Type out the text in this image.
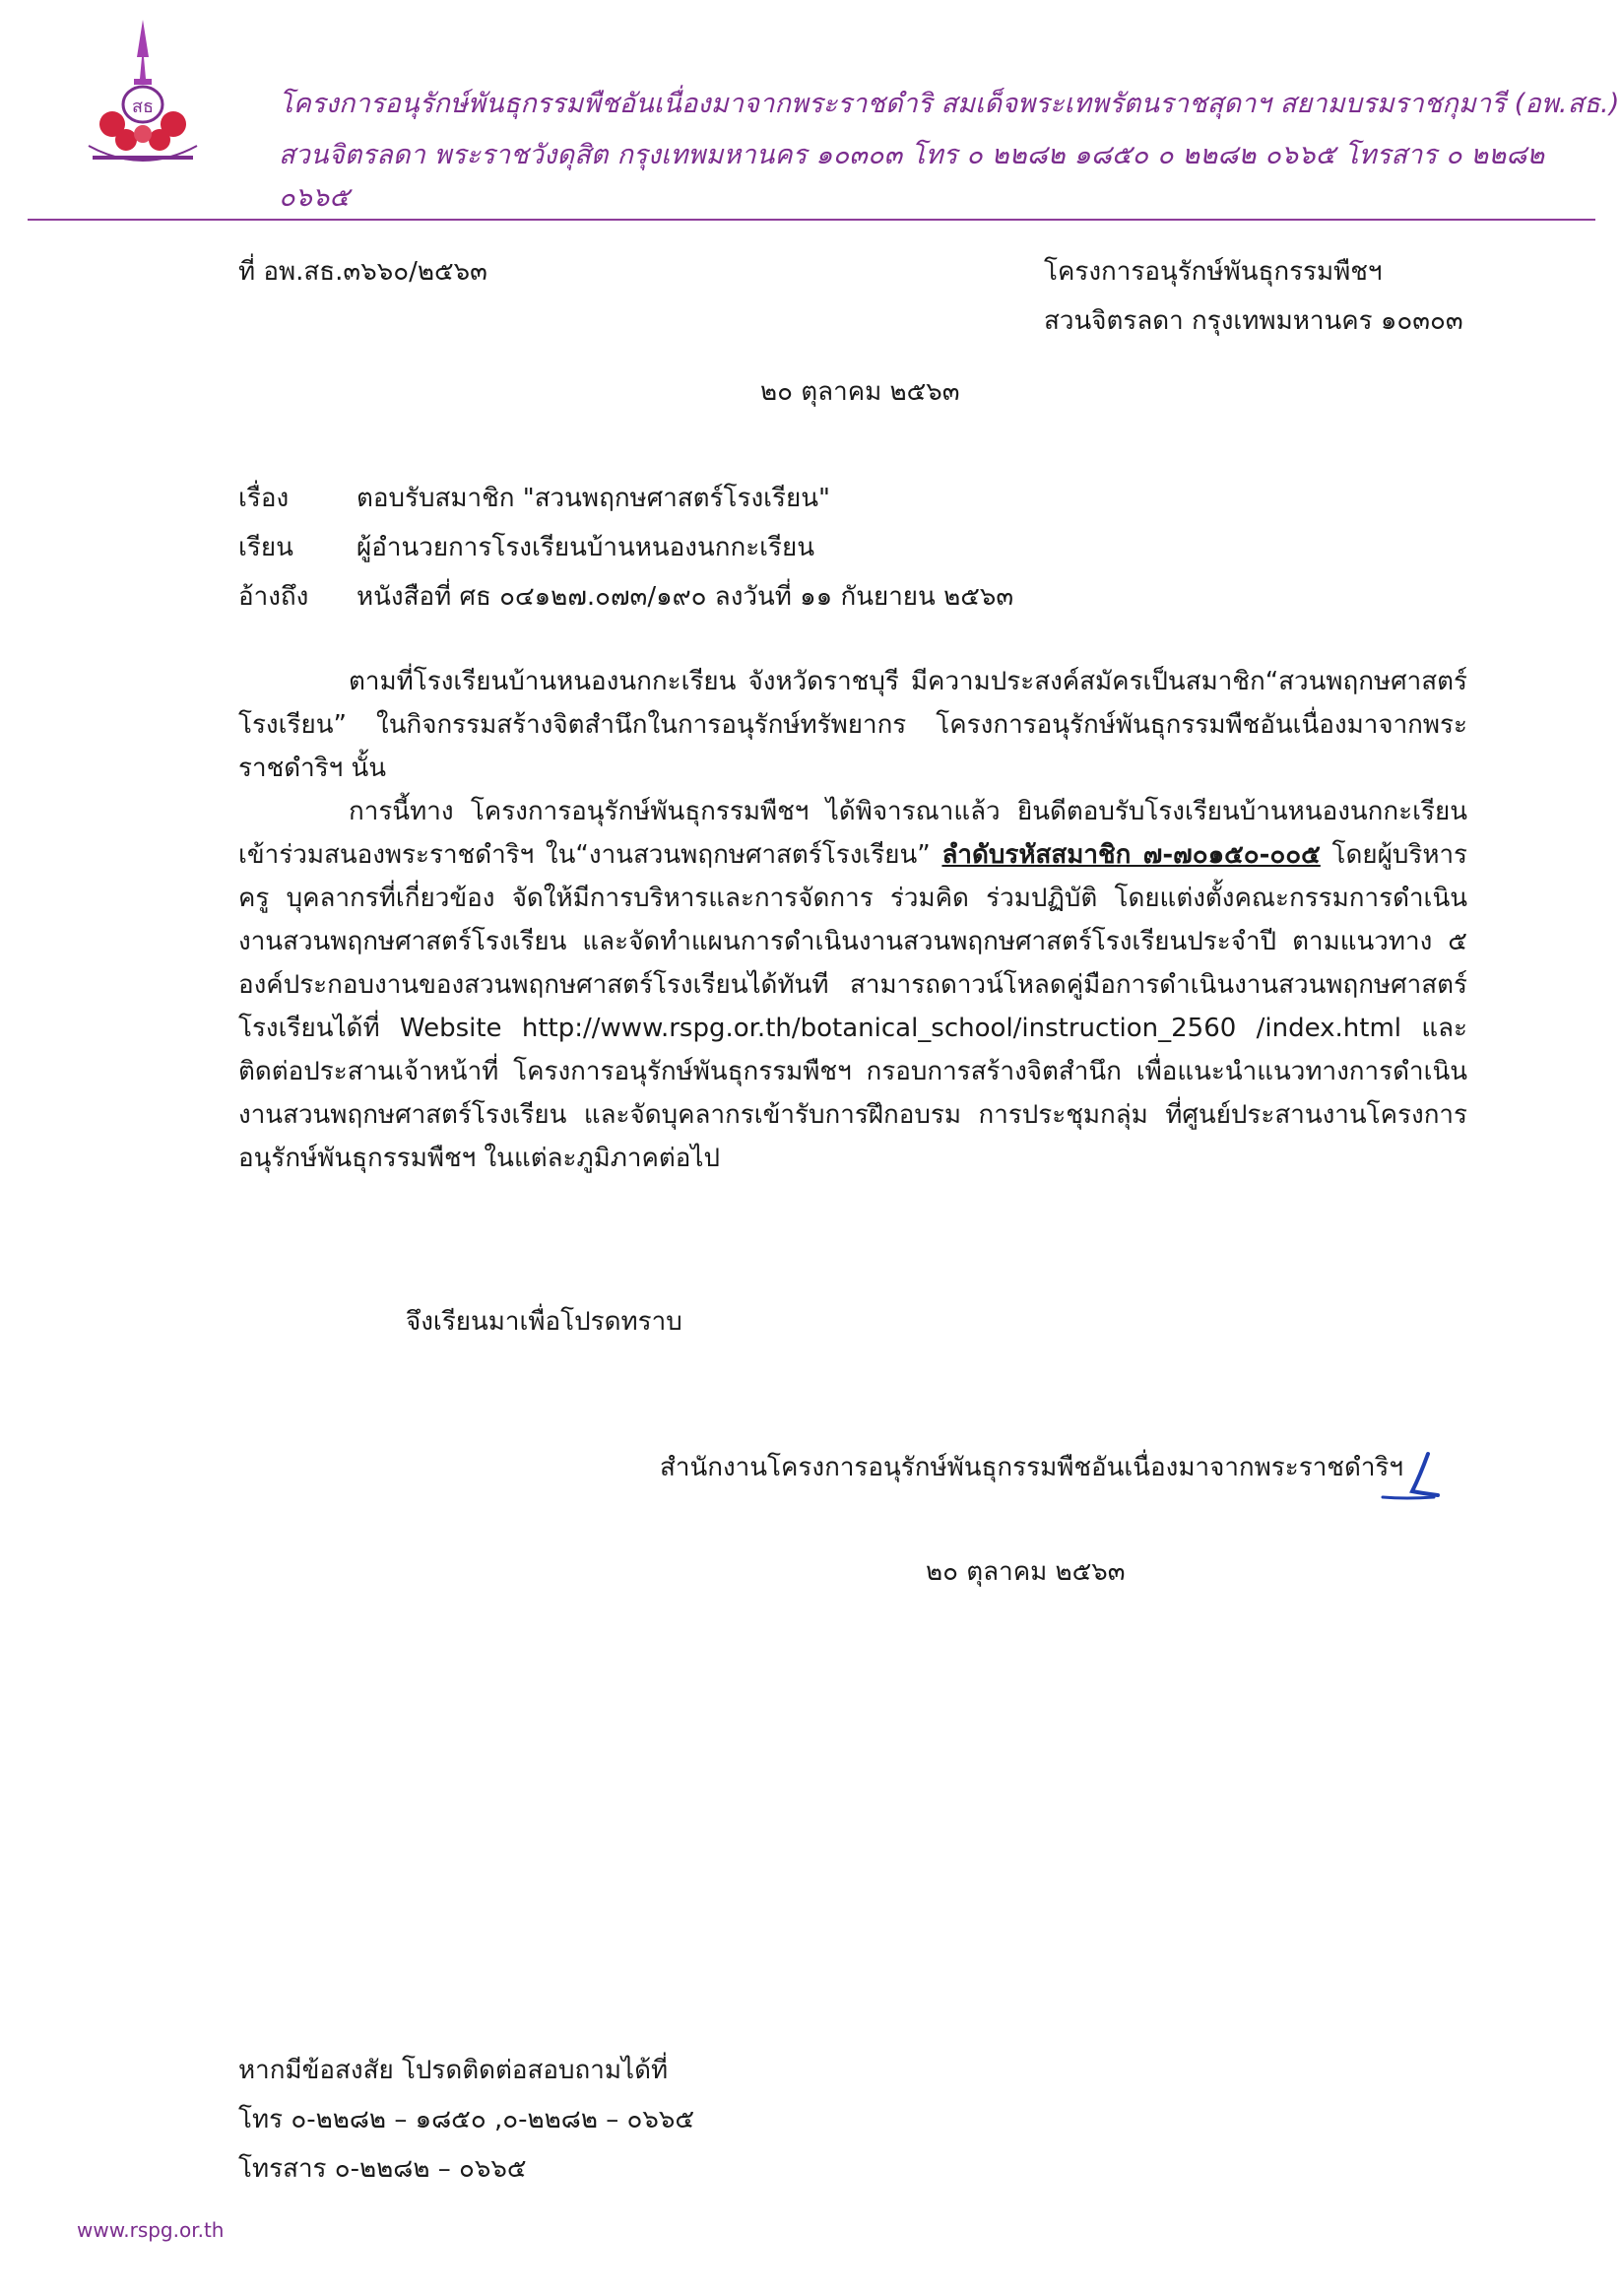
สธ	โครงการอนุรักษ์พันธุกรรมพืชอันเนื่องมาจากพระราชดำริ สมเด็จพระเทพรัตนราชสุดาฯ สยามบรมราชกุมารี (อพ.สธ.)
สวนจิตรลดา พระราชวังดุสิต กรุงเทพมหานคร ๑๐๓๐๓ โทร ๐ ๒๒๘๒ ๑๘๕๐ ๐ ๒๒๘๒ ๐๖๖๕ โทรสาร ๐ ๒๒๘๒ ๐๖๖๕
ที่ อพ.สธ.๓๖๖๐/๒๕๖๓	โครงการอนุรักษ์พันธุกรรมพืชฯ
สวนจิตรลดา กรุงเทพมหานคร ๑๐๓๐๓
๒๐ ตุลาคม ๒๕๖๓
เรื่อง	ตอบรับสมาชิก "สวนพฤกษศาสตร์โรงเรียน"
เรียน ผู้อำนวยการโรงเรียนบ้านหนองนกกะเรียน
อ้างถึง หนังสือที่ ศธ ๐๔๑๒๗.๐๗๓/๑๙๐ ลงวันที่ ๑๑ กันยายน ๒๕๖๓

ตามที่โรงเรียนบ้านหนองนกกะเรียน จังหวัดราชบุรี มีความประสงค์สมัครเป็นสมาชิก“สวนพฤกษศาสตร์โรงเรียน” ในกิจกรรมสร้างจิตสำนึกในการอนุรักษ์ทรัพยากร โครงการอนุรักษ์พันธุกรรมพืชอันเนื่องมาจากพระราชดำริฯ นั้น

การนี้ทาง โครงการอนุรักษ์พันธุกรรมพืชฯ ได้พิจารณาแล้ว ยินดีตอบรับโรงเรียนบ้านหนองนกกะเรียน เข้าร่วมสนองพระราชดำริฯ ใน“งานสวนพฤกษศาสตร์โรงเรียน” ลำดับรหัสสมาชิก ๗-๗๐๑๕๐-๐๐๕ โดยผู้บริหาร ครู บุคลากรที่เกี่ยวข้อง จัดให้มีการบริหารและการจัดการ ร่วมคิด ร่วมปฏิบัติ โดยแต่งตั้งคณะกรรมการดำเนินงานสวนพฤกษศาสตร์โรงเรียน และจัดทำแผนการดำเนินงานสวนพฤกษศาสตร์โรงเรียนประจำปี ตามแนวทาง ๕ องค์ประกอบงานของสวนพฤกษศาสตร์โรงเรียนได้ทันที สามารถดาวน์โหลดคู่มือการดำเนินงานสวนพฤกษศาสตร์โรงเรียนได้ที่ Website http://www.rspg.or.th/botanical_school/instruction_2560 /index.html และติดต่อประสานเจ้าหน้าที่ โครงการอนุรักษ์พันธุกรรมพืชฯ กรอบการสร้างจิตสำนึก เพื่อแนะนำแนวทางการดำเนินงานสวนพฤกษศาสตร์โรงเรียน และจัดบุคลากรเข้ารับการฝึกอบรม การประชุมกลุ่ม ที่ศูนย์ประสานงานโครงการอนุรักษ์พันธุกรรมพืชฯ ในแต่ละภูมิภาคต่อไป

จึงเรียนมาเพื่อโปรดทราบ
สำนักงานโครงการอนุรักษ์พันธุกรรมพืชอันเนื่องมาจากพระราชดำริฯ
๒๐ ตุลาคม ๒๕๖๓
หากมีข้อสงสัย โปรดติดต่อสอบถามได้ที่
โทร ๐-๒๒๘๒ – ๑๘๕๐ ,๐-๒๒๘๒ – ๐๖๖๕
โทรสาร ๐-๒๒๘๒ – ๐๖๖๕
www.rspg.or.th
